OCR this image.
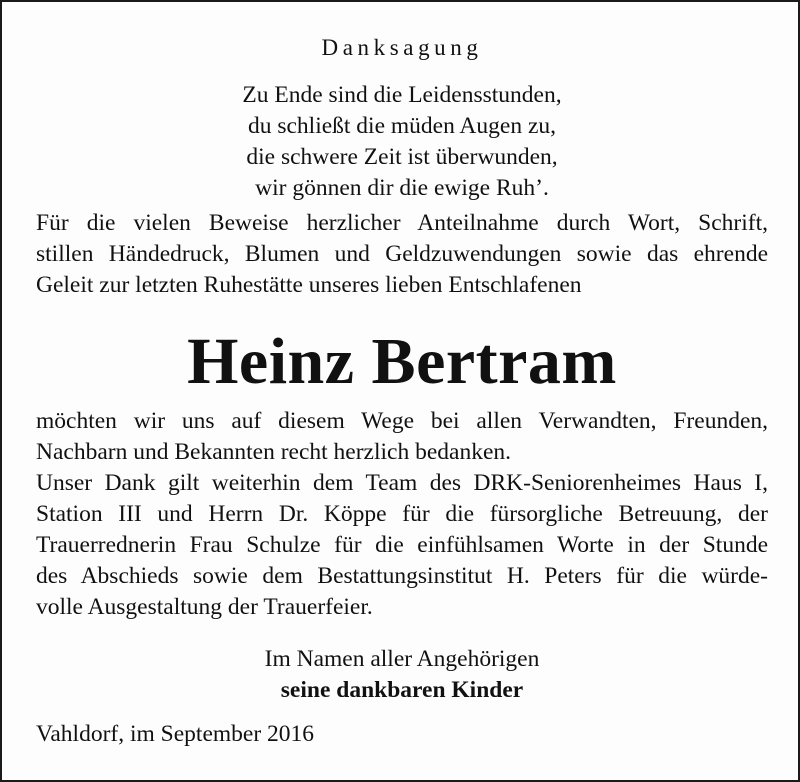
Danksagung
Zu Ende sind die Leidensstunden,
du schließt die müden Augen zu,
die schwere Zeit ist überwunden,
wir gönnen dir die ewige Ruh’.
Für die vielen Beweise herzlicher Anteilnahme durch Wort, Schrift,
stillen Händedruck, Blumen und Geldzuwendungen sowie das ehrende
Geleit zur letzten Ruhestätte unseres lieben Entschlafenen
Heinz Bertram
möchten wir uns auf diesem Wege bei allen Verwandten, Freunden,
Nachbarn und Bekannten recht herzlich bedanken.
Unser Dank gilt weiterhin dem Team des DRK-Seniorenheimes Haus I,
Station III und Herrn Dr. Köppe für die fürsorgliche Betreuung, der
Trauerrednerin Frau Schulze für die einfühlsamen Worte in der Stunde
des Abschieds sowie dem Bestattungsinstitut H. Peters für die würde-
volle Ausgestaltung der Trauerfeier.
Im Namen aller Angehörigen
seine dankbaren Kinder
Vahldorf, im September 2016
